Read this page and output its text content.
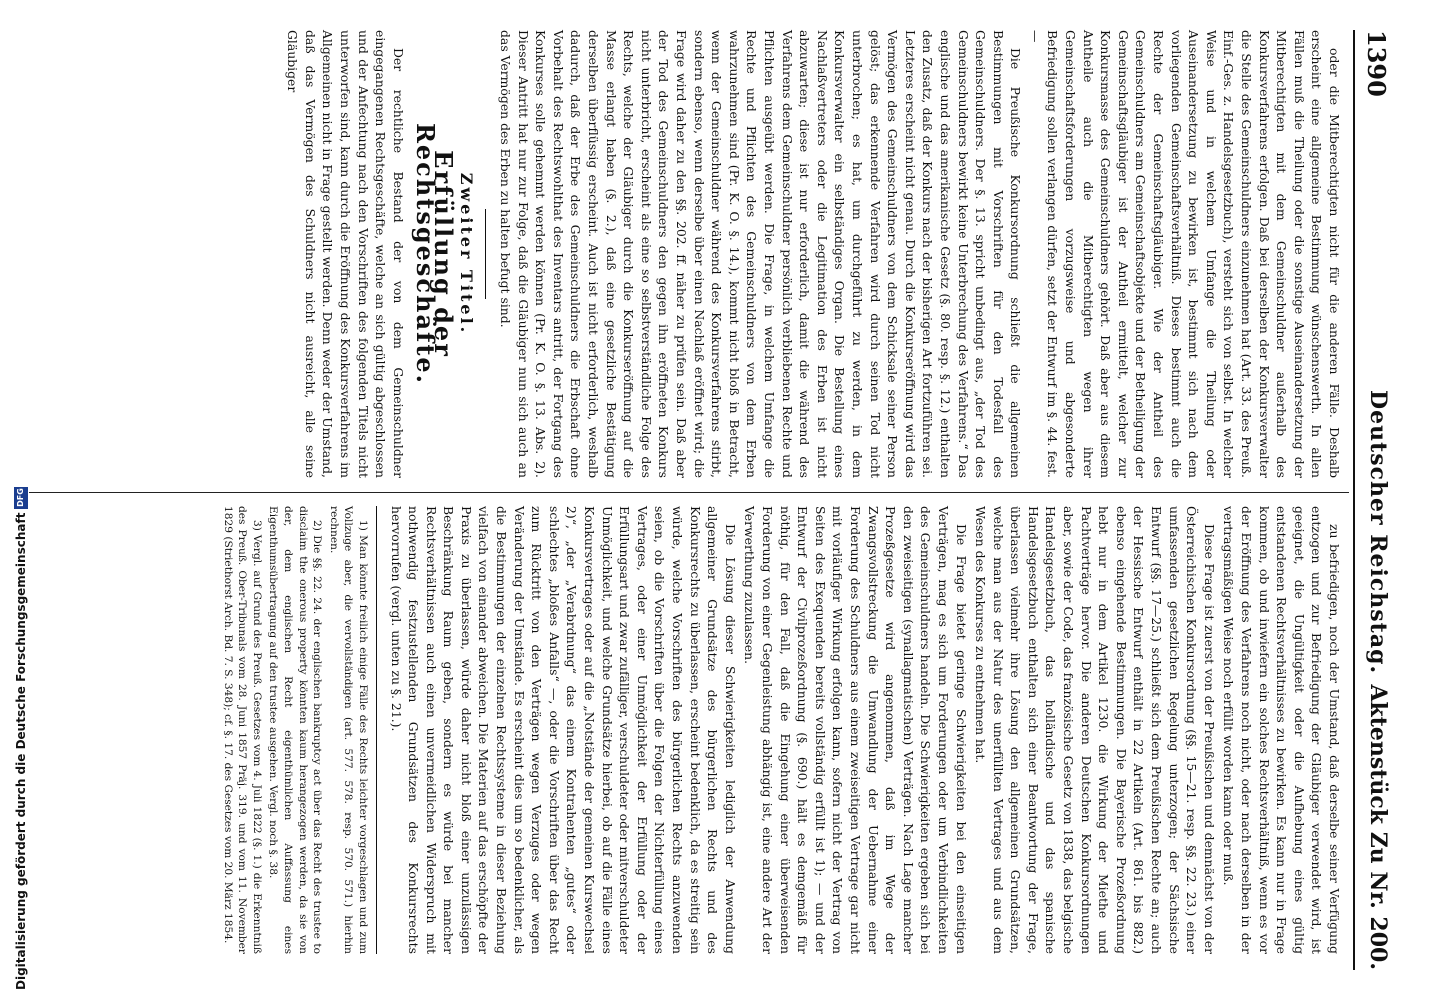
1390
Deutscher Reichstag.
Aktenstück Zu Nr. 200.

oder die Mitberechtigten nicht für die anderen Fälle. Deshalb erscheint eine allgemeine Bestimmung wünschenswerth. In allen Fällen muß die Theilung oder die sonstige Auseinandersetzung der Mitberechtigten mit dem Gemeinschuldner außerhalb des Konkursverfahrens erfolgen. Daß bei derselben der Konkursverwalter die Stelle des Gemeinschuldners einzunehmen hat (Art. 33. des Preuß. Einf.-Ges. z. Handelsgesetzbuch), versteht sich von selbst. In welcher Weise und in welchem Umfange die Theilung oder Auseinandersetzung zu bewirken ist, bestimmt sich nach dem vorliegenden Gemeinschaftsverhältniß. Dieses bestimmt auch die Rechte der Gemeinschaftsgläubiger. Wie der Antheil des Gemeinschuldners am Gemeinschaftsobjekte und der Betheiligung der Gemeinschaftsgläubiger ist der Antheil ermittelt, welcher zur Konkursmasse des Gemeinschuldners gehört. Daß aber aus diesem Antheile auch die Mitberechtigten wegen ihrer Gemeinschaftsforderungen vorzugsweise und abgesonderte Befriedigung sollen verlangen dürfen, setzt der Entwurf im §. 44. fest. —

Die Preußische Konkursordnung schließt die allgemeinen Bestimmungen mit Vorschriften für den Todesfall des Gemeinschuldners. Der §. 13. spricht unbedingt aus, „der Tod des Gemeinschuldners bewirkt keine Unterbrechung des Verfahrens.“ Das englische und das amerikanische Gesetz (§. 80. resp. §. 12.) enthalten den Zusatz, daß der Konkurs nach der bisherigen Art fortzuführen sei. Letzteres erscheint nicht genau. Durch die Konkurseröffnung wird das Vermögen des Gemeinschuldners von dem Schicksale seiner Person gelöst; das erkennende Verfahren wird durch seinen Tod nicht unterbrochen; es hat, um durchgeführt zu werden, in dem Konkursverwalter ein selbständiges Organ. Die Bestellung eines Nachlaßvertreters oder die Legitimation des Erben ist nicht abzuwarten; diese ist nur erforderlich, damit die während des Verfahrens dem Gemeinschuldner persönlich verbliebenen Rechte und Pflichten ausgeübt werden. Die Frage, in welchem Umfange die Rechte und Pflichten des Gemeinschuldners von dem Erben wahrzunehmen sind (Pr. K. O. §. 14.), kommt nicht bloß in Betracht, wenn der Gemeinschuldner während des Konkursverfahrens stirbt, sondern ebenso, wenn derselbe über einen Nachlaß eröffnet wird; die Frage wird daher zu den §§. 202. ff. näher zu prüfen sein. Daß aber der Tod des Gemeinschuldners den gegen ihn eröffneten Konkurs nicht unterbricht, erscheint als eine so selbstverständliche Folge des Rechts, welche der Gläubiger durch die Konkurseröffnung auf die Masse erlangt haben (§. 2.), daß eine gesetzliche Bestätigung derselben überflüssig erscheint. Auch ist nicht erforderlich, weshalb dadurch, daß der Erbe des Gemeinschuldners die Erbschaft ohne Vorbehalt des Rechtswohlthat des Inventars antritt, der Fortgang des Konkurses solle gehemmt werden können (Pr. K. O. §. 13. Abs. 2). Dieser Antritt hat nur zur Folge, daß die Gläubiger nun sich auch an das Vermögen des Erben zu halten befugt sind.

Zweiter Titel.
Erfüllung der Rechtsgeschäfte.

Der rechtliche Bestand der von dem Gemeinschuldner eingegangenen Rechtsgeschäfte, welche an sich gültig abgeschlossen und der Anfechtung nach den Vorschriften des folgenden Titels nicht unterworfen sind, kann durch die Eröffnung des Konkursverfahrens im Allgemeinen nicht in Frage gestellt werden. Denn weder der Umstand, daß das Vermögen des Schuldners nicht ausreicht, alle seine Gläubiger

zu befriedigen, noch der Umstand, daß derselbe seiner Verfügung entzogen und zur Befriedigung der Gläubiger verwendet wird, ist geeignet, die Ungültigkeit oder die Aufhebung eines gültig entstandenen Rechtsverhältnisses zu bewirken. Es kann nur in Frage kommen, ob und inwiefern ein solches Rechtsverhältniß, wenn es vor der Eröffnung des Verfahrens noch nicht, oder nach derselben in der vertragsmäßigen Weise noch erfüllt worden kann oder muß.

Diese Frage ist zuerst von der Preußischen und demnächst von der Österreichischen Konkursordnung (§§. 15—21. resp. §§. 22. 23.) einer umfassenden gesetzlichen Regelung unterzogen; der Sächsische Entwurf (§§. 17—25.) schließt sich dem Preußischen Rechte an; auch der Hessische Entwurf enthält in 22 Artikeln (Art. 861. bis 882.) ebenso eingehende Bestimmungen. Die Bayerische Prozeßordnung hebt nur in dem Artikel 1230. die Wirkung der Miethe und Pachtverträge hervor. Die anderen Deutschen Konkursordnungen aber, sowie der Code, das französische Gesetz von 1838, das belgische Handelsgesetzbuch, das holländische und das spanische Handelsgesetzbuch enthalten sich einer Beantwortung der Frage, überlassen vielmehr ihre Lösung den allgemeinen Grundsätzen, welche man aus der Natur des unerfüllten Vertrages und aus dem Wesen des Konkurses zu entnehmen hat.

Die Frage bietet geringe Schwierigkeiten bei den einseitigen Verträgen, mag es sich um Forderungen oder um Verbindlichkeiten des Gemeinschuldners handeln. Die Schwierigkeiten ergeben sich bei den zweiseitigen (synallagmatischen) Verträgen. Nach Lage mancher Prozeßgesetze wird angenommen, daß im Wege der Zwangsvollstreckung die Umwandlung der Uebernahme einer Forderung des Schuldners aus einem zweiseitigen Vertrage gar nicht mit vorläufiger Wirkung erfolgen kann, sofern nicht der Vertrag von Seiten des Exequenden bereits vollständig erfüllt ist 1); — und der Entwurf der Civilprozeßordnung (§. 690.) hält es demgemäß für nöthig, für den Fall, daß die Eingehung einer überweisenden Forderung von einer Gegenleistung abhängig ist, eine andere Art der Verwerthung zuzulassen.

Die Lösung dieser Schwierigkeiten lediglich der Anwendung allgemeiner Grundsätze des bürgerlichen Rechts und des Konkursrechts zu überlassen, erscheint bedenklich, da es streitig sein würde, welche Vorschriften des bürgerlichen Rechts anzuwenden seien, ob die Vorschriften über die Folgen der Nichterfüllung eines Vertrages, oder einer Unmöglichkeit der Erfüllung oder der Erfüllungsart und zwar zufälliger, verschuldeter oder mitverschuldeter Unmöglichkeit, und welche Grundsätze hierbei, ob auf die Fälle eines Konkursvertrages oder auf die „Notstände der gemeinen Kurswechsel 2)“, „der „Verabrdnung“ das einem Kontrahenten „gutes“ oder schlechtes „bloßes Anfalls“ —, oder die Vorschriften über das Recht zum Rücktritt von den Verträgen wegen Verzuges oder wegen Veränderung der Umstände. Es erscheint dies um so bedenklicher, als die Bestimmungen der einzelnen Rechtssysteme in dieser Beziehung vielfach von einander abweichen. Die Materien auf das erschöpfte der Praxis zu überlassen, würde daher nicht bloß einer unzulässigen Beschränkung Raum geben, sondern es würde bei mancher Rechtsverhältnissen auch einen unvermeidlichen Widerspruch mit nothwendig festzustellenden Grundsätzen des Konkursrechts hervorrufen (vergl. unten zu §. 21.).

1) Man könnte freilich einige Fälle des Rechts leichter vorgeschlagen und zum Vollzuge aber, die vervollständigen (art. 577. 578. resp. 570. 571.) hierhin rechnen.

2) Die §§. 22. 24. der englischen bankruptcy act über das Recht des trustee to disclaim the onerous property könnten kaum herangezogen werden, da sie von der, dem englischen Recht eigenthümlichen Auffassung eines Eigenthumsübertragung auf den trustee ausgehen. Vergl. noch §. 38.

3) Vergl. auf Grund des Preuß. Gesetzes vom 4. Juli 1822 (§. 1.) die Erkenntniß des Preuß. Ober-Tribunals vom 28. Juni 1857 Präj. 319. und vom 11. November 1829 (Striethorst Arch. Bd. 7. S. 348); cf. §. 17. des Gesetzes vom 20. März 1854.

Digitalisierung gefördert durch die Deutsche Forschungsgemeinschaft
DFG
